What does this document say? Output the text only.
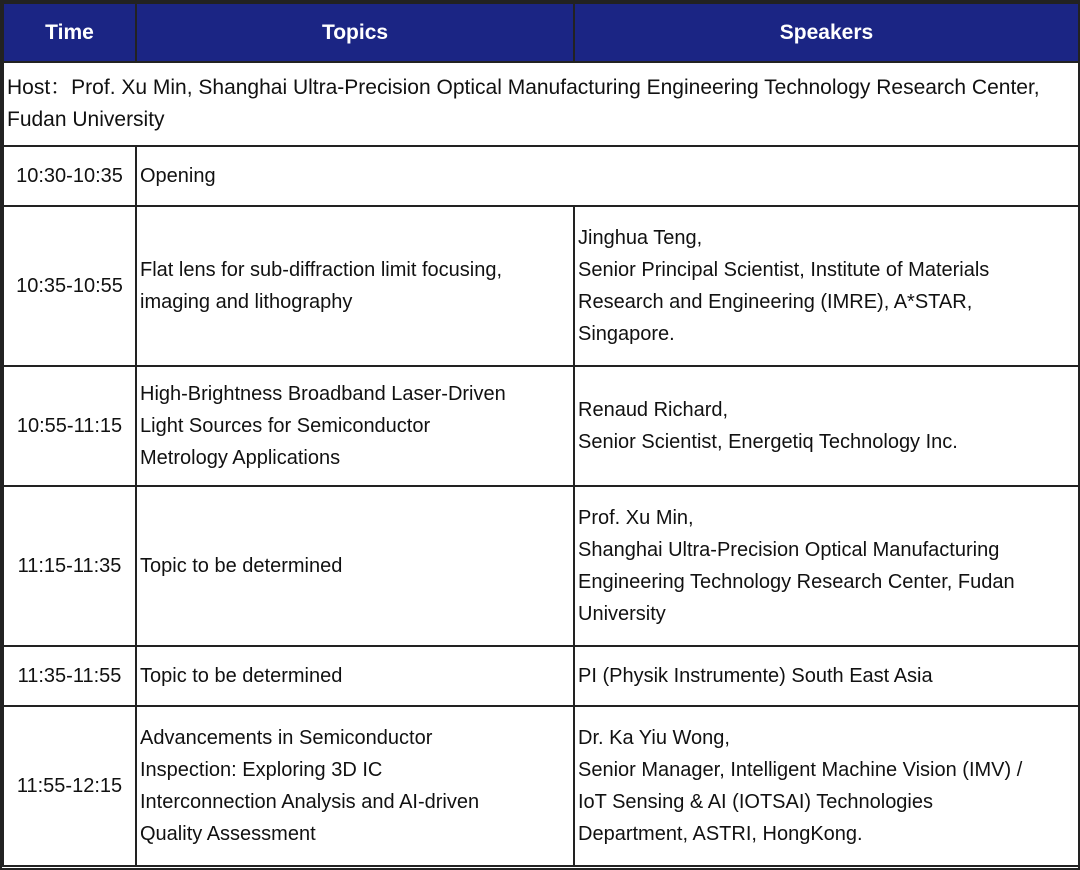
Time	Topics	Speakers
Host：Prof. Xu Min, Shanghai Ultra-Precision Optical Manufacturing Engineering Technology Research Center, Fudan University		
10:30-10:35	Opening	
10:35-10:55	Flat lens for sub-diffraction limit focusing,
imaging and lithography	Jinghua Teng,
Senior Principal Scientist, Institute of Materials
Research and Engineering (IMRE), A*STAR,
Singapore.

10:55-11:15	High-Brightness Broadband Laser-Driven
Light Sources for Semiconductor
Metrology Applications	Renaud Richard,
Senior Scientist, Energetiq Technology Inc.

11:15-11:35	Topic to be determined	Prof. Xu Min,
Shanghai Ultra-Precision Optical Manufacturing
Engineering Technology Research Center, Fudan
University

11:35-11:55	Topic to be determined	PI (Physik Instrumente) South East Asia

11:55-12:15	Advancements in Semiconductor
Inspection: Exploring 3D IC
Interconnection Analysis and AI-driven
Quality Assessment	Dr. Ka Yiu Wong,
Senior Manager, Intelligent Machine Vision (IMV) /
IoT Sensing & AI (IOTSAI) Technologies
Department, ASTRI, HongKong.
